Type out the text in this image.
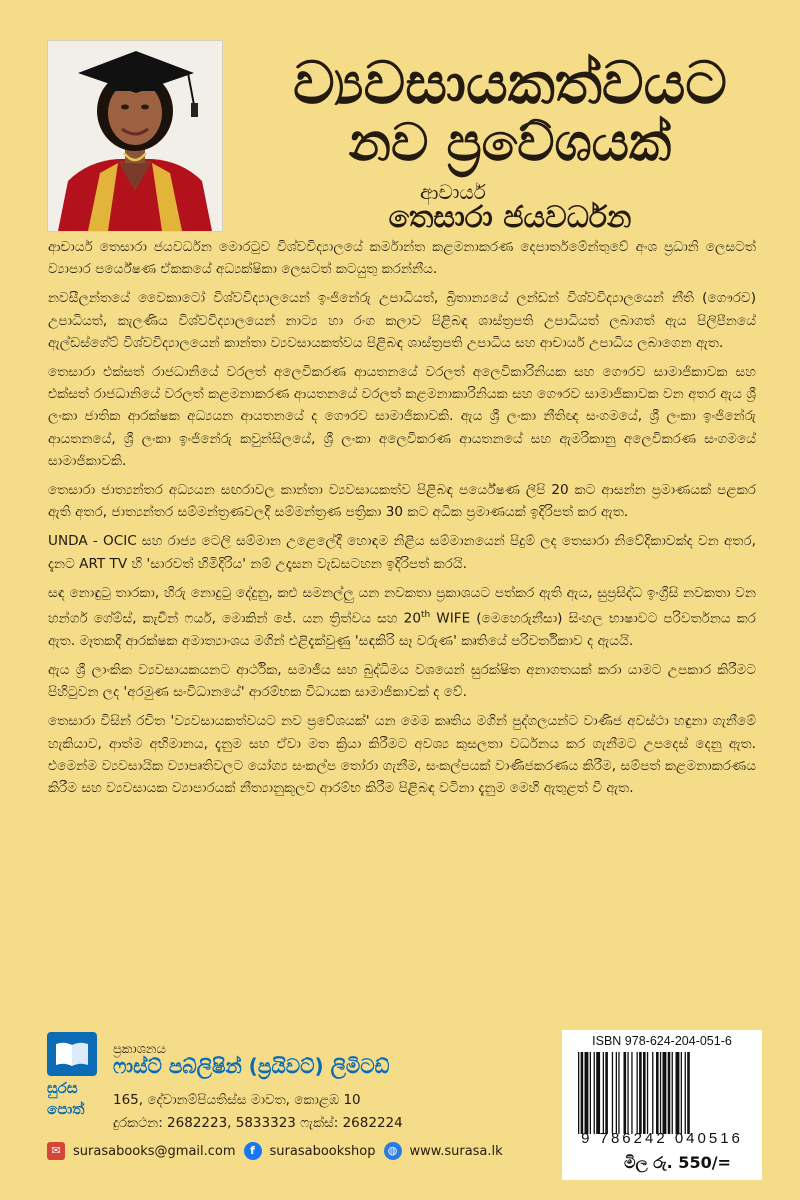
ව්‍යවසායකත්වයට
නව ප්‍රවේශයක්
ආචාර්ය
තෙසාරා ජයවර්ධන

ආචාර්ය තෙසාරා ජයවර්ධන මොරටුව විශ්වවිද්‍යාලයේ කර්මාන්ත කළමනාකරණ දෙපාර්තමේන්තුවේ අංශ ප්‍රධානි ලෙසටත් ව්‍යාපාර පර්යේෂණ ඒකකයේ අධ්‍යක්ෂිකා ලෙසටත් කටයුතු කරන්නීය.

නවසීලන්තයේ වෛකාටෝ විශ්වවිද්‍යාලයෙන් ඉංජිනේරු උපාධියත්, බ්‍රිතාන්‍යයේ ලන්ඩන් විශ්වවිද්‍යාලයෙන් නීති (ගෞරව) උපාධියත්, කැලණිය විශ්වවිද්‍යාලයෙන් නාට්‍ය හා රංග කලාව පිළිබඳ ශාස්ත්‍රපති උපාධියත් ලබාගත් ඇය පිලිපීනයේ ඇල්ඩස්ගේට් විශ්වවිද්‍යාලයෙන් කාන්තා ව්‍යවසායකත්වය පිළිබඳ ශාස්ත්‍රපති උපාධිය සහ ආචාර්ය උපාධිය ලබාගෙන ඇත.

තෙසාරා එක්සත් රාජධානියේ වරලත් අලෙවිකරණ ආයතනයේ වරලත් අලෙවිකාරිනියක සහ ගෞරව සාමාජිකාවක සහ එක්සත් රාජධානියේ වරලත් කළමනාකරණ ආයතනයේ වරලත් කළමනාකාරිනියක සහ ගෞරව සාමාජිකාවක වන අතර ඇය ශ්‍රී ලංකා ජාතික ආරක්ෂක අධ්‍යයන ආයතනයේ ද ගෞරව සාමාජිකාවකි. ඇය ශ්‍රී ලංකා නීතිඥ සංගමයේ, ශ්‍රී ලංකා ඉංජිනේරු ආයතනයේ, ශ්‍රී ලංකා ඉංජිනේරු කවුන්සිලයේ, ශ්‍රී ලංකා අලෙවිකරණ ආයතනයේ සහ ඇමරිකානු අලෙවිකරණ සංගමයේ සාමාජිකාවකි.

තෙසාරා ජාත්‍යන්තර අධ්‍යයන සඟරාවල කාන්තා ව්‍යවසායකත්ව පිළිබඳ පර්යේෂණ ලිපි 20 කට ආසන්න ප්‍රමාණයක් පළකර ඇති අතර, ජාත්‍යන්තර සම්මන්ත්‍රණවලදී සම්මන්ත්‍රණ පත්‍රිකා 30 කට අධික ප්‍රමාණයක් ඉදිරිපත් කර ඇත.

UNDA - OCIC සහ රාජ්‍ය ටෙලි සම්මාන උළෙලේදී හොඳම නිළිය සම්මානයෙන් පිදුම් ලද තෙසාරා නිවේදිකාවක්ද වන අතර, දැනට ART TV හි 'සාරවත් හිමිදිරිය' නම් උදෑසන වැඩසටහන ඉදිරිපත් කරයි.

සඳ නොඳුටු තාරකා, හිරු නොදුටු දේදුනු, කළු සමනල්ලු යන නවකතා ප්‍රකාශයට පත්කර ඇති ඇය, සුප්‍රසිද්ධ ඉංග්‍රීසි නවකතා වන හන්ගර් ගේම්ස්, කැචින් ෆයර්, මොකින් ජේ. යන ත්‍රිත්වය සහ 20th WIFE (මෙහෙරුනීසා) සිංහල භාෂාවට පරිවර්තනය කර ඇත. මෑතකදී ආරක්ෂක අමාත්‍යාංශය මගින් එළිදැක්වුණු 'සඳකිරි සෑ වරුණ' කෘතියේ පරිවර්තිකාව ද ඇයයි.

ඇය ශ්‍රී ලාංකික ව්‍යවසායකයනට ආර්ථික, සමාජීය සහ බුද්ධිමය වශයෙන් සුරක්ෂිත අනාගතයක් කරා යාමට උපකාර කිරීමට පිහිටුවන ලද 'අරමුණ සංවිධානයේ' ආරම්භක විධායක සාමාජිකාවක් ද වේ.

තෙසාරා විසින් රචිත 'ව්‍යවසායකත්වයට නව ප්‍රවේශයක්' යන මෙම කෘතිය මගින් පුද්ගලයන්ට වාණිජ අවස්ථා හඳුනා ගැනීමේ හැකියාව, ආත්ම අභිමානය, දැනුම සහ ඒවා මත ක්‍රියා කිරීමට අවශ්‍ය කුසලතා වර්ධනය කර ගැනීමට උපදෙස් දෙනු ඇත. එමෙන්ම ව්‍යවසායික ව්‍යාපෘතිවලට යෝග්‍ය සංකල්ප තෝරා ගැනීම, සංකල්පයක් වාණිජකරණය කිරීම, සම්පත් කළමනාකරණය කිරීම සහ ව්‍යවසායක ව්‍යාපාරයක් නීත්‍යානුකූලව ආරම්භ කිරීම පිළිබඳ වටිනා දැනුම මෙහි ඇතුළත් වී ඇත.

සුරස
පොත්
ප්‍රකාශනය
ෆාස්ට් පබ්ලිෂින් (ප්‍රයිවට්) ලිමිටඩ්
165, දේවානම්පියතිස්ස මාවත, කොළඹ 10
දුරකථන: 2682223, 5833323 ෆැක්ස්: 2682224
✉ surasabooks@gmail.com	f	surasabookshop	◍ www.surasa.lk
ISBN 978-624-204-051-6
9 786242 040516
මිල රු. 550/=
